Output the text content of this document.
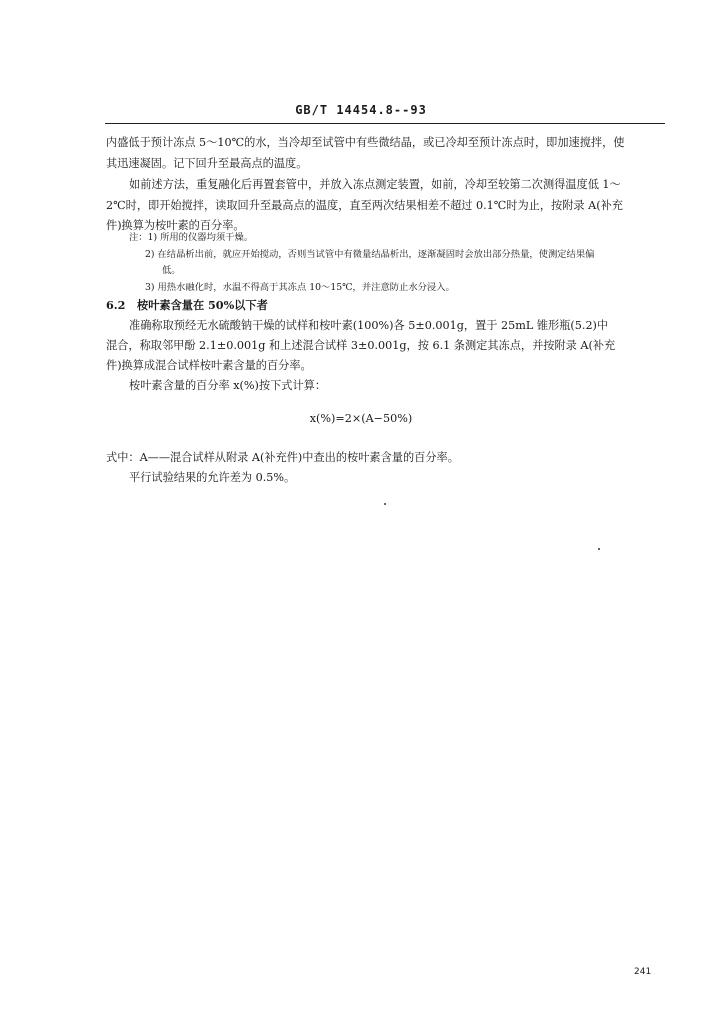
GB/T 14454.8--93
内盛低于预计冻点 5～10℃的水，当冷却至试管中有些微结晶，或已冷却至预计冻点时，即加速搅拌，使
其迅速凝固。记下回升至最高点的温度。
如前述方法，重复融化后再置套管中，并放入冻点测定装置，如前，冷却至较第二次测得温度低 1～
2℃时，即开始搅拌，读取回升至最高点的温度，直至两次结果相差不超过 0.1℃时为止，按附录 A(补充
件)换算为桉叶素的百分率。
注：1) 所用的仪器均须干燥。
2) 在结晶析出前，就应开始搅动，否则当试管中有微量结晶析出，逐渐凝固时会放出部分热量，使测定结果偏
低。
3) 用热水融化时，水温不得高于其冻点 10～15℃，并注意防止水分浸入。
6.2 桉叶素含量在 50%以下者
准确称取预经无水硫酸钠干燥的试样和桉叶素(100%)各 5±0.001g，置于 25mL 锥形瓶(5.2)中
混合，称取邻甲酚 2.1±0.001g 和上述混合试样 3±0.001g，按 6.1 条测定其冻点，并按附录 A(补充
件)换算成混合试样桉叶素含量的百分率。
桉叶素含量的百分率 x(%)按下式计算：
x(%)=2×(A−50%)
式中：A——混合试样从附录 A(补充件)中查出的桉叶素含量的百分率。
平行试验结果的允许差为 0.5%。
241
